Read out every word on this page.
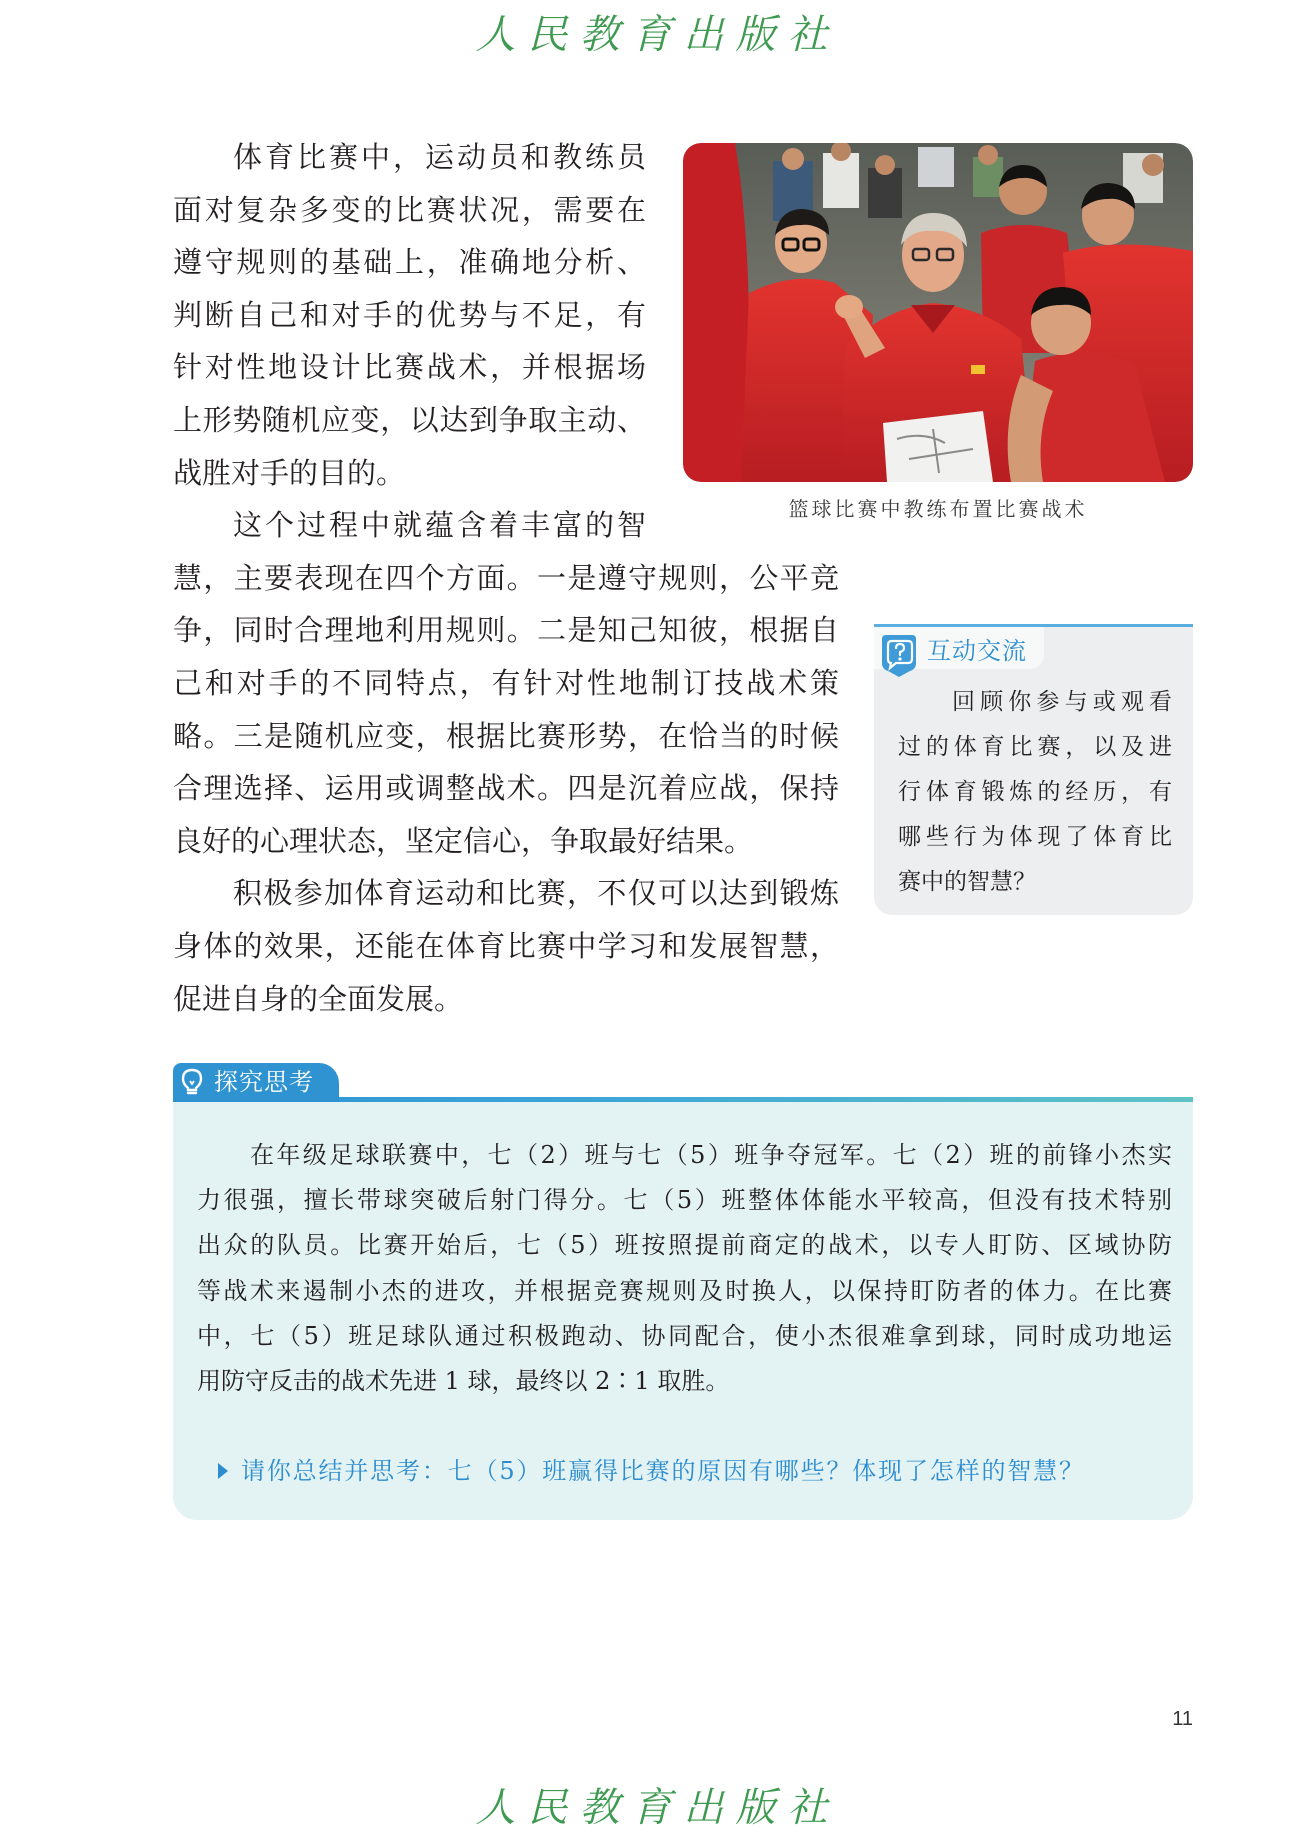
人民教育出版社
体育比赛中，运动员和教练员
面对复杂多变的比赛状况，需要在
遵守规则的基础上，准确地分析、
判断自己和对手的优势与不足，有
针对性地设计比赛战术，并根据场
上形势随机应变，以达到争取主动、
战胜对手的目的。
这个过程中就蕴含着丰富的智
慧，主要表现在四个方面。一是遵守规则，公平竞
争，同时合理地利用规则。二是知己知彼，根据自
己和对手的不同特点，有针对性地制订技战术策
略。三是随机应变，根据比赛形势，在恰当的时候
合理选择、运用或调整战术。四是沉着应战，保持
良好的心理状态，坚定信心，争取最好结果。
积极参加体育运动和比赛，不仅可以达到锻炼
身体的效果，还能在体育比赛中学习和发展智慧，
促进自身的全面发展。
篮球比赛中教练布置比赛战术
互动交流
回顾你参与或观看
过的体育比赛，以及进
行体育锻炼的经历，有
哪些行为体现了体育比
赛中的智慧？
探究思考
在年级足球联赛中，七（2）班与七（5）班争夺冠军。七（2）班的前锋小杰实
力很强，擅长带球突破后射门得分。七（5）班整体体能水平较高，但没有技术特别
出众的队员。比赛开始后，七（5）班按照提前商定的战术，以专人盯防、区域协防
等战术来遏制小杰的进攻，并根据竞赛规则及时换人，以保持盯防者的体力。在比赛
中，七（5）班足球队通过积极跑动、协同配合，使小杰很难拿到球，同时成功地运
用防守反击的战术先进 1 球，最终以 2∶1 取胜。
请你总结并思考：七（5）班赢得比赛的原因有哪些？体现了怎样的智慧？
11
人民教育出版社
